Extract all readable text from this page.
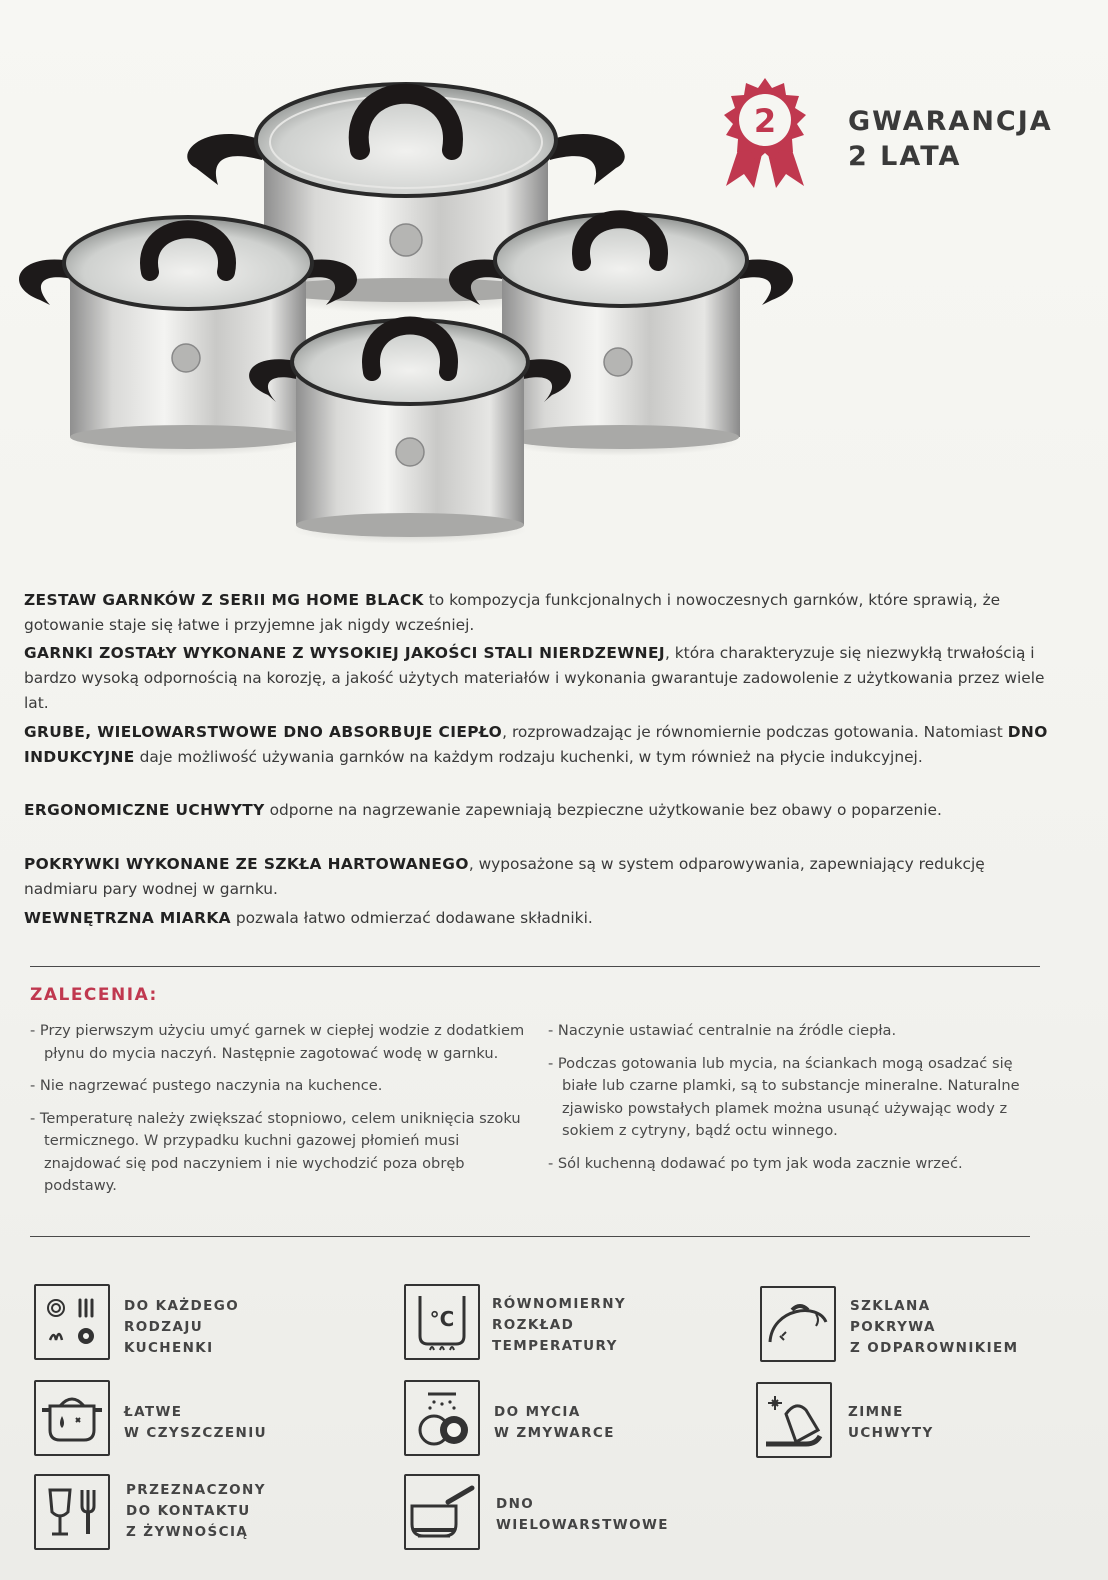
2	GWARANCJA
2 LATA

ZESTAW GARNKÓW Z SERII MG HOME BLACK to kompozycja funkcjonalnych i nowoczesnych garnków, które sprawią, że gotowanie staje się łatwe i przyjemne jak nigdy wcześniej.

GARNKI ZOSTAŁY WYKONANE Z WYSOKIEJ JAKOŚCI STALI NIERDZEWNEJ, która charakteryzuje się niezwykłą trwałością i bardzo wysoką odpornością na korozję, a jakość użytych materiałów i wykonania gwarantuje zadowolenie z użytkowania przez wiele lat.

GRUBE, WIELOWARSTWOWE DNO ABSORBUJE CIEPŁO, rozprowadzając je równomiernie podczas gotowania. Natomiast DNO INDUKCYJNE daje możliwość używania garnków na każdym rodzaju kuchenki, w tym również na płycie indukcyjnej.

ERGONOMICZNE UCHWYTY odporne na nagrzewanie zapewniają bezpieczne użytkowanie bez obawy o poparzenie.

POKRYWKI WYKONANE ZE SZKŁA HARTOWANEGO, wyposażone są w system odparowywania, zapewniający redukcję nadmiaru pary wodnej w garnku.

WEWNĘTRZNA MIARKA pozwala łatwo odmierzać dodawane składniki.

ZALECENIA:
- Przy pierwszym użyciu umyć garnek w ciepłej wodzie z dodatkiem płynu do mycia naczyń. Następnie zagotować wodę w garnku.
- Nie nagrzewać pustego naczynia na kuchence.
- Temperaturę należy zwiększać stopniowo, celem uniknięcia szoku termicznego. W przypadku kuchni gazowej płomień musi znajdować się pod naczyniem i nie wychodzić poza obręb podstawy.
- Naczynie ustawiać centralnie na źródle ciepła.
- Podczas gotowania lub mycia, na ściankach mogą osadzać się białe lub czarne plamki, są to substancje mineralne. Naturalne zjawisko powstałych plamek można usunąć używając wody z sokiem z cytryny, bądź octu winnego.
- Sól kuchenną dodawać po tym jak woda zacznie wrzeć.
DO KAŻDEGO
RODZAJU
KUCHENKI
°C
RÓWNOMIERNY
ROZKŁAD
TEMPERATURY
SZKLANA
POKRYWA
Z ODPAROWNIKIEM
ŁATWE
W CZYSZCZENIU
DO MYCIA
W ZMYWARCE
ZIMNE
UCHWYTY
PRZEZNACZONY
DO KONTAKTU
Z ŻYWNOŚCIĄ
DNO
WIELOWARSTWOWE
